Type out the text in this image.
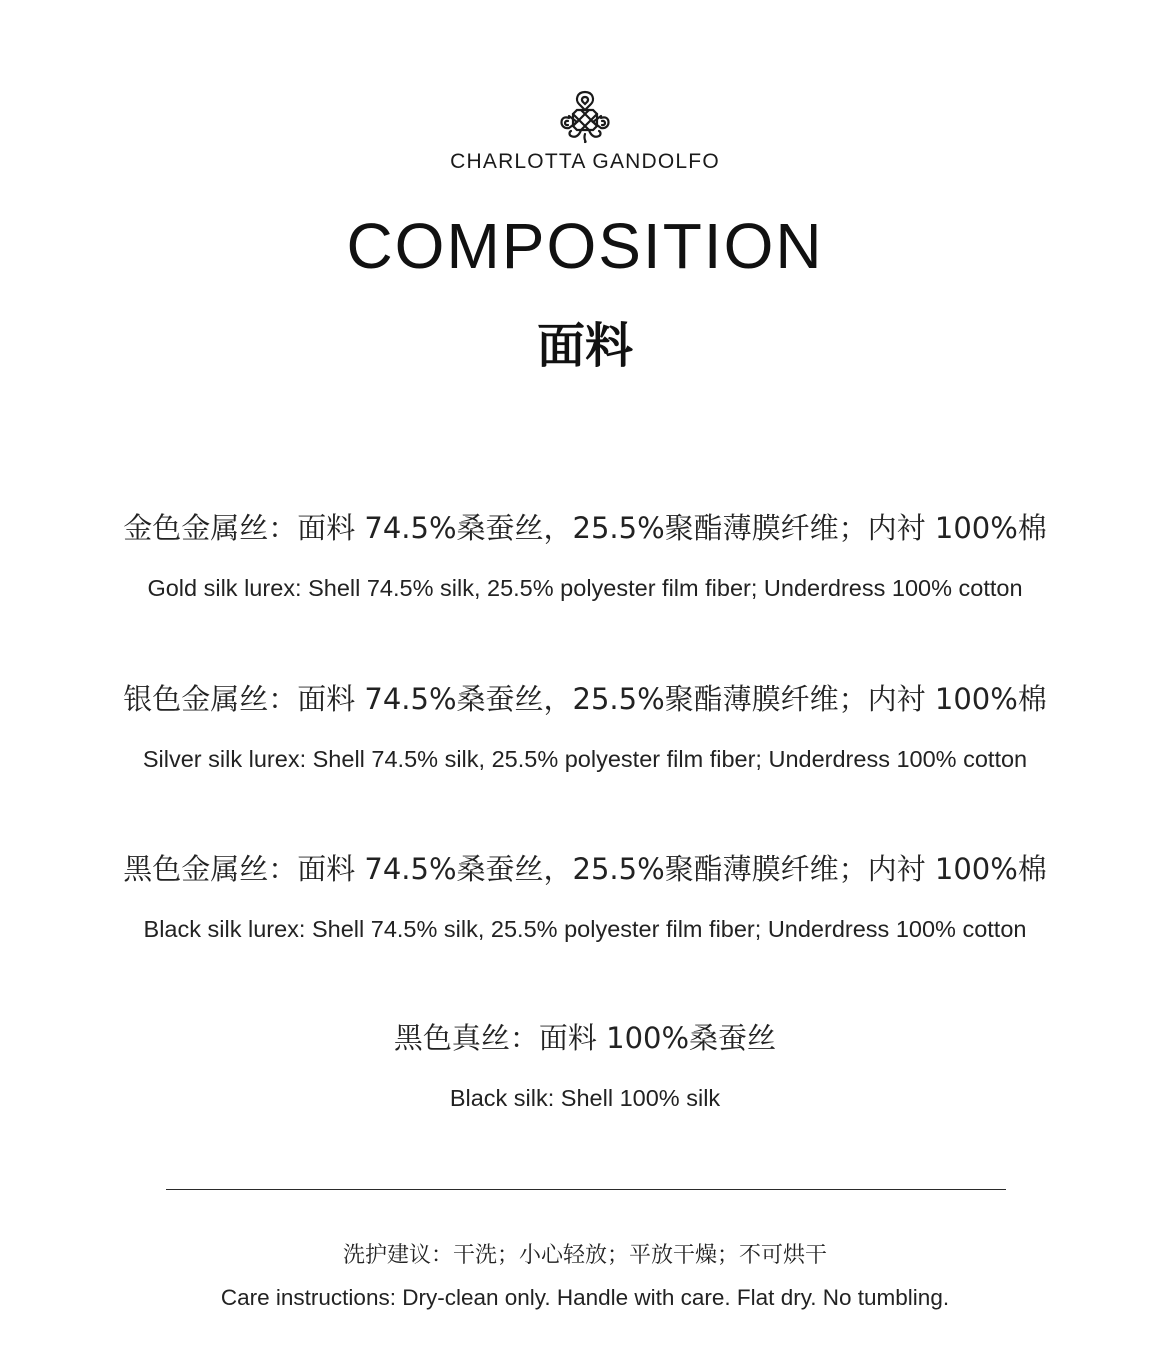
CHARLOTTA GANDOLFO
COMPOSITION
面料
金色金属丝：面料 74.5%桑蚕丝，25.5%聚酯薄膜纤维；内衬 100%棉
Gold silk lurex: Shell 74.5% silk, 25.5% polyester film fiber; Underdress 100% cotton
银色金属丝：面料 74.5%桑蚕丝，25.5%聚酯薄膜纤维；内衬 100%棉
Silver silk lurex: Shell 74.5% silk, 25.5% polyester film fiber; Underdress 100% cotton
黑色金属丝：面料 74.5%桑蚕丝，25.5%聚酯薄膜纤维；内衬 100%棉
Black silk lurex: Shell 74.5% silk, 25.5% polyester film fiber; Underdress 100% cotton
黑色真丝：面料 100%桑蚕丝
Black silk: Shell 100% silk
洗护建议：干洗；小心轻放；平放干燥；不可烘干
Care instructions: Dry-clean only. Handle with care. Flat dry. No tumbling.
